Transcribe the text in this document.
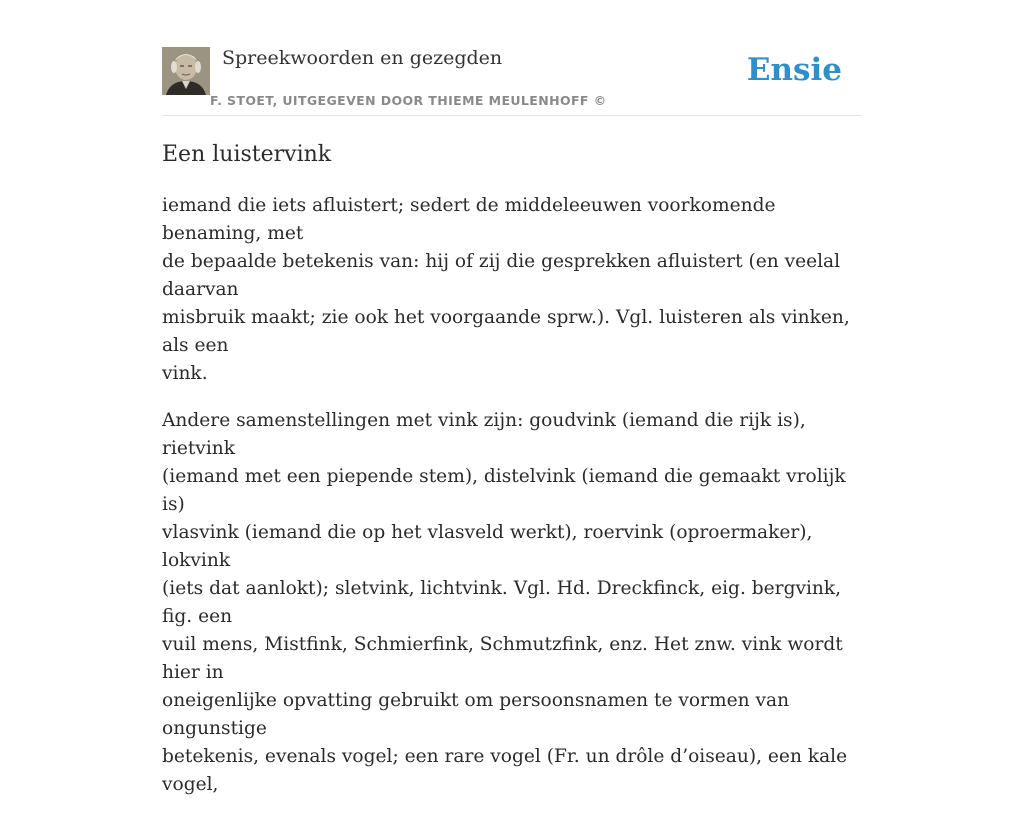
Spreekwoorden en gezegden
F. STOET, UITGEGEVEN DOOR THIEME MEULENHOFF ©
Ensie
Een luistervink

iemand die iets afluistert; sedert de middeleeuwen voorkomende benaming, met
de bepaalde betekenis van: hij of zij die gesprekken afluistert (en veelal daarvan
misbruik maakt; zie ook het voorgaande sprw.). Vgl. luisteren als vinken, als een
vink.

Andere samenstellingen met vink zijn: goudvink (iemand die rijk is), rietvink
(iemand met een piepende stem), distelvink (iemand die gemaakt vrolijk is)
vlasvink (iemand die op het vlasveld werkt), roervink (oproermaker), lokvink
(iets dat aanlokt); sletvink, lichtvink. Vgl. Hd. Dreckfinck, eig. bergvink, fig. een
vuil mens, Mistfink, Schmierfink, Schmutzfink, enz. Het znw. vink wordt hier in
oneigenlijke opvatting gebruikt om persoonsnamen te vormen van ongunstige
betekenis, evenals vogel; een rare vogel (Fr. un drôle d’oiseau), een kale vogel,
